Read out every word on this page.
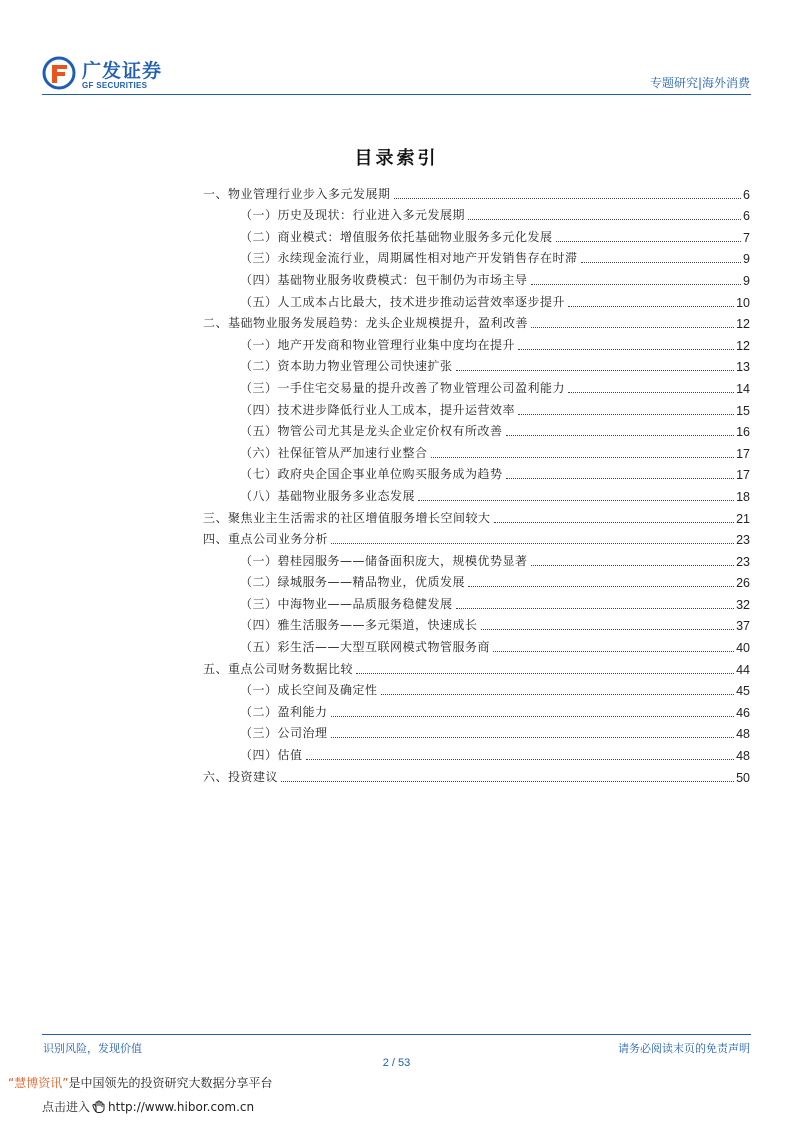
广发证券
GF SECURITIES	专题研究|海外消费
目录索引
一、物业管理行业步入多元发展期	6
（一）历史及现状：行业进入多元发展期	6
（二）商业模式：增值服务依托基础物业服务多元化发展	7
（三）永续现金流行业，周期属性相对地产开发销售存在时滞	9
（四）基础物业服务收费模式：包干制仍为市场主导	9
（五）人工成本占比最大，技术进步推动运营效率逐步提升	10
二、基础物业服务发展趋势：龙头企业规模提升，盈利改善	12
（一）地产开发商和物业管理行业集中度均在提升	12
（二）资本助力物业管理公司快速扩张	13
（三）一手住宅交易量的提升改善了物业管理公司盈利能力	14
（四）技术进步降低行业人工成本，提升运营效率	15
（五）物管公司尤其是龙头企业定价权有所改善	16
（六）社保征管从严加速行业整合	17
（七）政府央企国企事业单位购买服务成为趋势	17
（八）基础物业服务多业态发展	18
三、聚焦业主生活需求的社区增值服务增长空间较大	21
四、重点公司业务分析	23
（一）碧桂园服务——储备面积庞大，规模优势显著	23
（二）绿城服务——精品物业，优质发展	26
（三）中海物业——品质服务稳健发展	32
（四）雅生活服务——多元渠道，快速成长	37
（五）彩生活——大型互联网模式物管服务商	40
五、重点公司财务数据比较	44
（一）成长空间及确定性	45
（二）盈利能力	46
（三）公司治理	48
（四）估值	48
六、投资建议	50
识别风险，发现价值	请务必阅读末页的免责声明
2 / 53
“慧博资讯”是中国领先的投资研究大数据分享平台
点击进入 http://www.hibor.com.cn
